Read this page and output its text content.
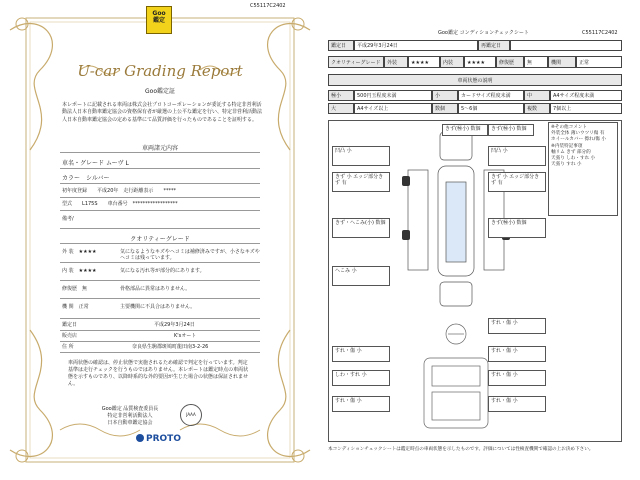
C55117C2402
Goo
鑑定
U-car Grading Report
Goo鑑定証
本レポートに記載される車両は株式会社プロトコーポレーションが委託する特定非営利活動法人日本自動車鑑定協会の資格保有者が厳選の上公平な鑑定を行い、特定非営利活動法人日本自動車鑑定協会の定める基準にて品質評価を行ったものであることを証明する。
車両諸元内容
車名・グレード ムーヴ L
カラー　 シルバー
初年度登録　　 平成20年　 走行距離表示　　 *****
型式　　 L175S　　 車台番号　 ******************
備考/
クオリティーグレード
外 装　 ★★★★	気になるようなキズやヘコミは補修済みですが、小さなキズやヘコミは残っています。
内 装　 ★★★★	気になる汚れ等が部分的にあります。
修復歴　 無	骨格部品に異常はありません。
機 関　 正常	主要機関に不具合はありません。
鑑定日	平成29年3月24日
販売店	K'sオート
住 所	奈良県生駒郡斑鳩町龍田南3-2-26
車両状態の確認は、停止状態で実施されるため確認で判定を行っています。判定基準は走行チェックを行うものではありません。本レポートは鑑定時点の車両状態を示すものであり、以降時系的な外的要因が生じた場合の状態は保証されません。
Goo鑑定 品質検査委員長
特定非営利活動法人
日本自動車鑑定協会
JAAA
PROTO
Goo鑑定 コンディションチェックシート	C55117C2402
鑑定日	平成29年3月24日	再鑑定日
クオリティーグレード	外装	★★★★	内装	★★★★	修復歴	無	機関	正常
車両状態の説明
極小	500円玉程度未満	小	カードサイズ程度未満	中	A4サイズ程度未満
大	A4サイズ以上	数個	5～6個	複数	7個以上
きず(極小) 数個	きず(極小) 数個
凹凸 小	凹凸 小
きず 小 エッジ部分きず 有
きず 小 エッジ部分きず 有
きず・へこみ(小) 数個	きず(極小) 数個
へこみ 小
すれ・傷 小
すれ・傷 小	すれ・傷 小
しわ・すれ 小	すれ・傷 小
すれ・傷 小	すれ・傷 小
※その他コメント
外装全体 薄いウツリ傷 有
ホイールカバー 擦れ/傷 小
※内装特記事項
軸リム きず 部分的
天張り しわ・すれ 小
天張り すれ 小
本コンディションチェックシートは鑑定時点の車両状態を示したものです。評価については性検査機関で確認の上お決め下さい。
